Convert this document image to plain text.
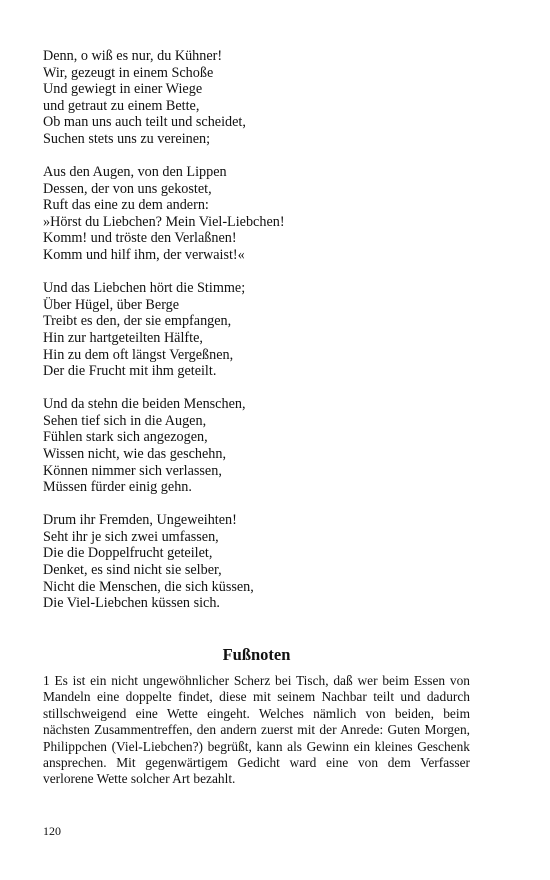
Denn, o wiß es nur, du Kühner!
Wir, gezeugt in einem Schoße
Und gewiegt in einer Wiege
und getraut zu einem Bette,
Ob man uns auch teilt und scheidet,
Suchen stets uns zu vereinen;
Aus den Augen, von den Lippen
Dessen, der von uns gekostet,
Ruft das eine zu dem andern:
»Hörst du Liebchen? Mein Viel-Liebchen!
Komm! und tröste den Verlaßnen!
Komm und hilf ihm, der verwaist!«
Und das Liebchen hört die Stimme;
Über Hügel, über Berge
Treibt es den, der sie empfangen,
Hin zur hartgeteilten Hälfte,
Hin zu dem oft längst Vergeßnen,
Der die Frucht mit ihm geteilt.
Und da stehn die beiden Menschen,
Sehen tief sich in die Augen,
Fühlen stark sich angezogen,
Wissen nicht, wie das geschehn,
Können nimmer sich verlassen,
Müssen fürder einig gehn.
Drum ihr Fremden, Ungeweihten!
Seht ihr je sich zwei umfassen,
Die die Doppelfrucht geteilet,
Denket, es sind nicht sie selber,
Nicht die Menschen, die sich küssen,
Die Viel-Liebchen küssen sich.
Fußnoten

1 Es ist ein nicht ungewöhnlicher Scherz bei Tisch, daß wer beim Essen von Mandeln eine doppelte findet, diese mit seinem Nachbar teilt und dadurch stillschweigend eine Wette eingeht. Welches nämlich von beiden, beim nächsten Zusammentreffen, den andern zuerst mit der Anrede: Guten Morgen, Philippchen (Viel-Liebchen?) begrüßt, kann als Gewinn ein kleines Geschenk ansprechen. Mit gegenwärtigem Gedicht ward eine von dem Verfasser verlorene Wette solcher Art bezahlt.

120
